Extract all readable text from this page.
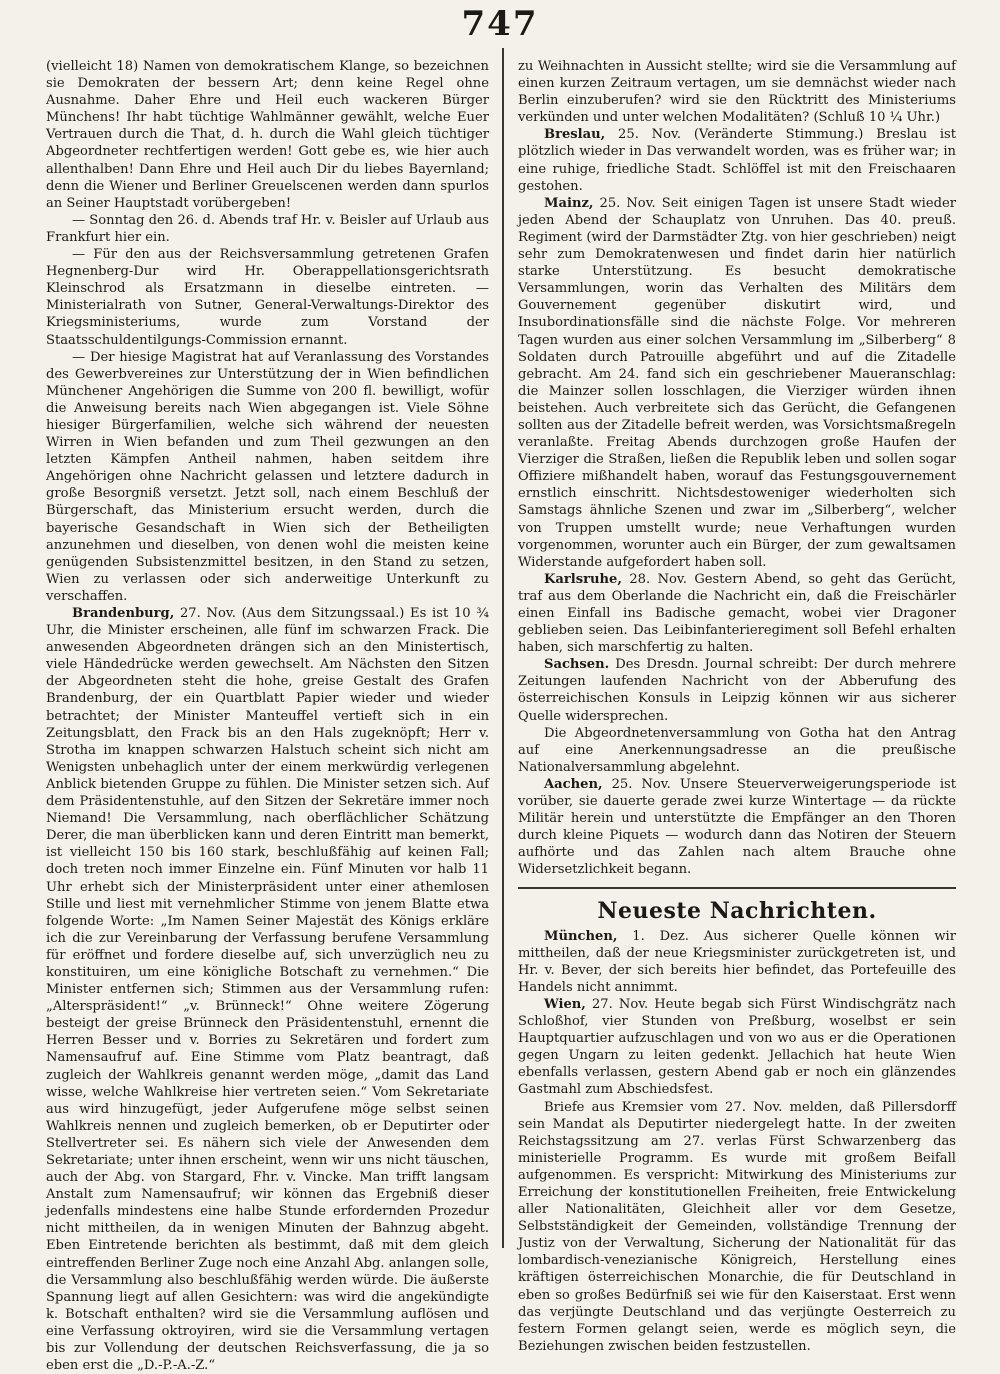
747

(vielleicht 18) Namen von demokratischem Klange, so bezeichnen sie Demokraten der bessern Art; denn keine Regel ohne Ausnahme. Daher Ehre und Heil euch wackeren Bürger Münchens! Ihr habt tüchtige Wahlmänner gewählt, welche Euer Vertrauen durch die That, d. h. durch die Wahl gleich tüchtiger Abgeordneter rechtfertigen werden! Gott gebe es, wie hier auch allenthalben! Dann Ehre und Heil auch Dir du liebes Bayernland; denn die Wiener und Berliner Greuelscenen werden dann spurlos an Seiner Hauptstadt vorübergeben!

— Sonntag den 26. d. Abends traf Hr. v. Beisler auf Urlaub aus Frankfurt hier ein.

— Für den aus der Reichsversammlung getretenen Grafen Hegnenberg-Dur wird Hr. Oberappellationsgerichtsrath Kleinschrod als Ersatzmann in dieselbe eintreten. — Ministerialrath von Sutner, General-Verwaltungs-Direktor des Kriegsministeriums, wurde zum Vorstand der Staatsschuldentilgungs-Commission ernannt.

— Der hiesige Magistrat hat auf Veranlassung des Vorstandes des Gewerbvereines zur Unterstützung der in Wien befindlichen Münchener Angehörigen die Summe von 200 fl. bewilligt, wofür die Anweisung bereits nach Wien abgegangen ist. Viele Söhne hiesiger Bürgerfamilien, welche sich während der neuesten Wirren in Wien befanden und zum Theil gezwungen an den letzten Kämpfen Antheil nahmen, haben seitdem ihre Angehörigen ohne Nachricht gelassen und letztere dadurch in große Besorgniß versetzt. Jetzt soll, nach einem Beschluß der Bürgerschaft, das Ministerium ersucht werden, durch die bayerische Gesandschaft in Wien sich der Betheiligten anzunehmen und dieselben, von denen wohl die meisten keine genügenden Subsistenzmittel besitzen, in den Stand zu setzen, Wien zu verlassen oder sich anderweitige Unterkunft zu verschaffen.

Brandenburg, 27. Nov. (Aus dem Sitzungssaal.) Es ist 10 ¾ Uhr, die Minister erscheinen, alle fünf im schwarzen Frack. Die anwesenden Abgeordneten drängen sich an den Ministertisch, viele Händedrücke werden gewechselt. Am Nächsten den Sitzen der Abgeordneten steht die hohe, greise Gestalt des Grafen Brandenburg, der ein Quartblatt Papier wieder und wieder betrachtet; der Minister Manteuffel vertieft sich in ein Zeitungsblatt, den Frack bis an den Hals zugeknöpft; Herr v. Strotha im knappen schwarzen Halstuch scheint sich nicht am Wenigsten unbehaglich unter der einem merkwürdig verlegenen Anblick bietenden Gruppe zu fühlen. Die Minister setzen sich. Auf dem Präsidentenstuhle, auf den Sitzen der Sekretäre immer noch Niemand! Die Versammlung, nach oberflächlicher Schätzung Derer, die man überblicken kann und deren Eintritt man bemerkt, ist vielleicht 150 bis 160 stark, beschlußfähig auf keinen Fall; doch treten noch immer Einzelne ein. Fünf Minuten vor halb 11 Uhr erhebt sich der Ministerpräsident unter einer athemlosen Stille und liest mit vernehmlicher Stimme von jenem Blatte etwa folgende Worte: „Im Namen Seiner Majestät des Königs erkläre ich die zur Vereinbarung der Verfassung berufene Versammlung für eröffnet und fordere dieselbe auf, sich unverzüglich neu zu konstituiren, um eine königliche Botschaft zu vernehmen.“ Die Minister entfernen sich; Stimmen aus der Versammlung rufen: „Alterspräsident!“ „v. Brünneck!“ Ohne weitere Zögerung besteigt der greise Brünneck den Präsidentenstuhl, ernennt die Herren Besser und v. Borries zu Sekretären und fordert zum Namensaufruf auf. Eine Stimme vom Platz beantragt, daß zugleich der Wahlkreis genannt werden möge, „damit das Land wisse, welche Wahlkreise hier vertreten seien.“ Vom Sekretariate aus wird hinzugefügt, jeder Aufgerufene möge selbst seinen Wahlkreis nennen und zugleich bemerken, ob er Deputirter oder Stellvertreter sei. Es nähern sich viele der Anwesenden dem Sekretariate; unter ihnen erscheint, wenn wir uns nicht täuschen, auch der Abg. von Stargard, Fhr. v. Vincke. Man trifft langsam Anstalt zum Namensaufruf; wir können das Ergebniß dieser jedenfalls mindestens eine halbe Stunde erfordernden Prozedur nicht mittheilen, da in wenigen Minuten der Bahnzug abgeht. Eben Eintretende berichten als bestimmt, daß mit dem gleich eintreffenden Berliner Zuge noch eine Anzahl Abg. anlangen solle, die Versammlung also beschlußfähig werden würde. Die äußerste Spannung liegt auf allen Gesichtern: was wird die angekündigte k. Botschaft enthalten? wird sie die Versammlung auflösen und eine Verfassung oktroyiren, wird sie die Versammlung vertagen bis zur Vollendung der deutschen Reichsverfassung, die ja so eben erst die „D.-P.-A.-Z.“

zu Weihnachten in Aussicht stellte; wird sie die Versammlung auf einen kurzen Zeitraum vertagen, um sie demnächst wieder nach Berlin einzuberufen? wird sie den Rücktritt des Ministeriums verkünden und unter welchen Modalitäten? (Schluß 10 ¼ Uhr.)

Breslau, 25. Nov. (Veränderte Stimmung.) Breslau ist plötzlich wieder in Das verwandelt worden, was es früher war; in eine ruhige, friedliche Stadt. Schlöffel ist mit den Freischaaren gestohen.

Mainz, 25. Nov. Seit einigen Tagen ist unsere Stadt wieder jeden Abend der Schauplatz von Unruhen. Das 40. preuß. Regiment (wird der Darmstädter Ztg. von hier geschrieben) neigt sehr zum Demokratenwesen und findet darin hier natürlich starke Unterstützung. Es besucht demokratische Versammlungen, worin das Verhalten des Militärs dem Gouvernement gegenüber diskutirt wird, und Insubordinationsfälle sind die nächste Folge. Vor mehreren Tagen wurden aus einer solchen Versammlung im „Silberberg“ 8 Soldaten durch Patrouille abgeführt und auf die Zitadelle gebracht. Am 24. fand sich ein geschriebener Maueranschlag: die Mainzer sollen losschlagen, die Vierziger würden ihnen beistehen. Auch verbreitete sich das Gerücht, die Gefangenen sollten aus der Zitadelle befreit werden, was Vorsichtsmaßregeln veranlaßte. Freitag Abends durchzogen große Haufen der Vierziger die Straßen, ließen die Republik leben und sollen sogar Offiziere mißhandelt haben, worauf das Festungsgouvernement ernstlich einschritt. Nichtsdestoweniger wiederholten sich Samstags ähnliche Szenen und zwar im „Silberberg“, welcher von Truppen umstellt wurde; neue Verhaftungen wurden vorgenommen, worunter auch ein Bürger, der zum gewaltsamen Widerstande aufgefordert haben soll.

Karlsruhe, 28. Nov. Gestern Abend, so geht das Gerücht, traf aus dem Oberlande die Nachricht ein, daß die Freischärler einen Einfall ins Badische gemacht, wobei vier Dragoner geblieben seien. Das Leibinfanterieregiment soll Befehl erhalten haben, sich marschfertig zu halten.

Sachsen. Des Dresdn. Journal schreibt: Der durch mehrere Zeitungen laufenden Nachricht von der Abberufung des österreichischen Konsuls in Leipzig können wir aus sicherer Quelle widersprechen.

Die Abgeordnetenversammlung von Gotha hat den Antrag auf eine Anerkennungsadresse an die preußische Nationalversammlung abgelehnt.

Aachen, 25. Nov. Unsere Steuerverweigerungsperiode ist vorüber, sie dauerte gerade zwei kurze Wintertage — da rückte Militär herein und unterstützte die Empfänger an den Thoren durch kleine Piquets — wodurch dann das Notiren der Steuern aufhörte und das Zahlen nach altem Brauche ohne Widersetzlichkeit begann.

Neueste Nachrichten.

München, 1. Dez. Aus sicherer Quelle können wir mittheilen, daß der neue Kriegsminister zurückgetreten ist, und Hr. v. Bever, der sich bereits hier befindet, das Portefeuille des Handels nicht annimmt.

Wien, 27. Nov. Heute begab sich Fürst Windischgrätz nach Schloßhof, vier Stunden von Preßburg, woselbst er sein Hauptquartier aufzuschlagen und von wo aus er die Operationen gegen Ungarn zu leiten gedenkt. Jellachich hat heute Wien ebenfalls verlassen, gestern Abend gab er noch ein glänzendes Gastmahl zum Abschiedsfest.

Briefe aus Kremsier vom 27. Nov. melden, daß Pillersdorff sein Mandat als Deputirter niedergelegt hatte. In der zweiten Reichstagssitzung am 27. verlas Fürst Schwarzenberg das ministerielle Programm. Es wurde mit großem Beifall aufgenommen. Es verspricht: Mitwirkung des Ministeriums zur Erreichung der konstitutionellen Freiheiten, freie Entwickelung aller Nationalitäten, Gleichheit aller vor dem Gesetze, Selbstständigkeit der Gemeinden, vollständige Trennung der Justiz von der Verwaltung, Sicherung der Nationalität für das lombardisch-venezianische Königreich, Herstellung eines kräftigen österreichischen Monarchie, die für Deutschland in eben so großes Bedürfniß sei wie für den Kaiserstaat. Erst wenn das verjüngte Deutschland und das verjüngte Oesterreich zu festern Formen gelangt seien, werde es möglich seyn, die Beziehungen zwischen beiden festzustellen.
